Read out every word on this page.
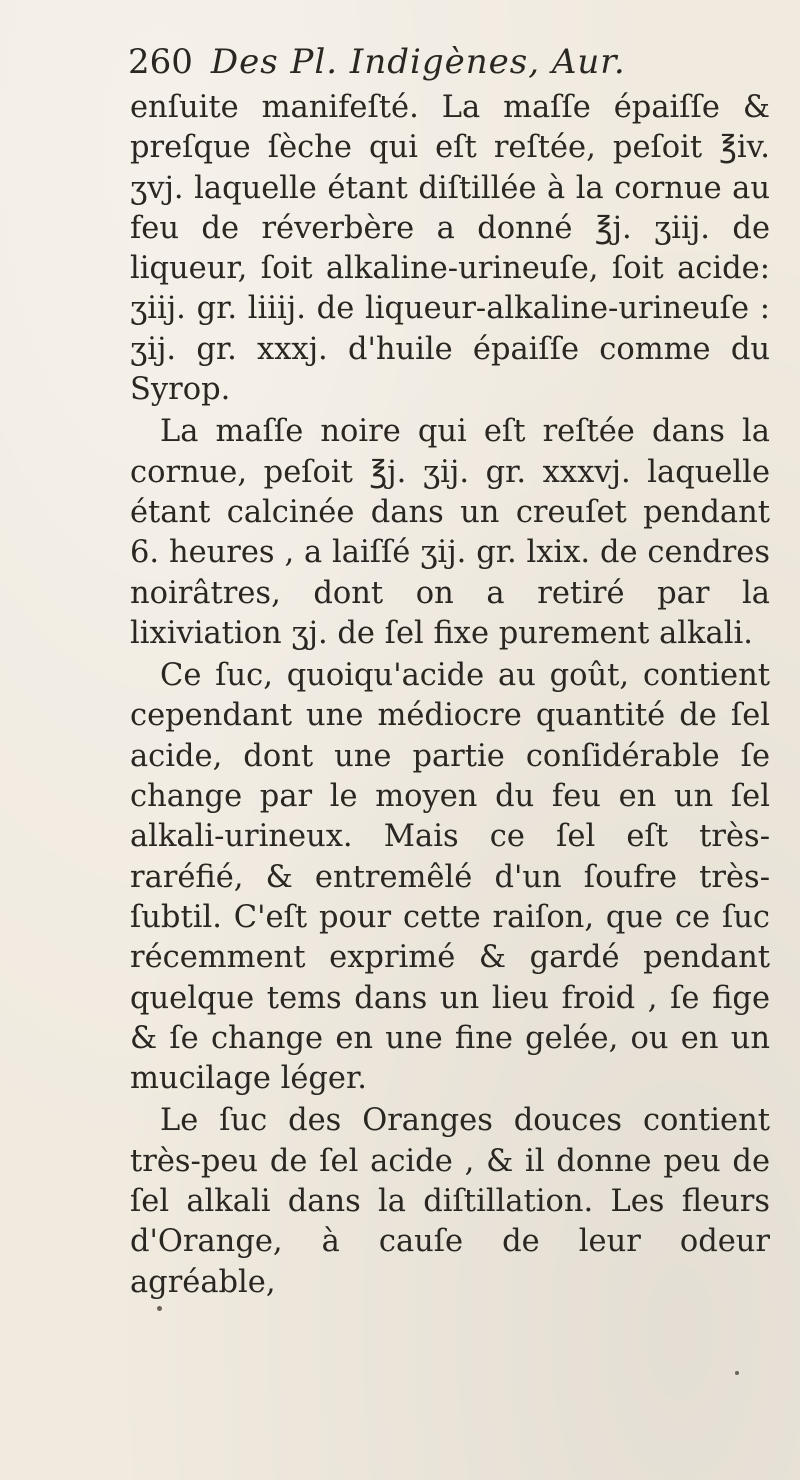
260 Des Pl. Indigènes, Aur.

enſuite manifeſté. La maſſe épaiſſe & preſque ſèche qui eſt reſtée, peſoit ℥iv. ʒvj. laquelle étant diſtillée à la cornue au feu de réverbère a donné ℥j. ʒiij. de liqueur, ſoit alkaline-urineuſe, ſoit acide: ʒiij. gr. liiij. de liqueur-alkaline-urineuſe : ʒij. gr. xxxj. d'huile épaiſſe comme du Syrop.

La maſſe noire qui eſt reſtée dans la cornue, peſoit ℥j. ʒij. gr. xxxvj. laquelle étant calcinée dans un creuſet pendant 6. heures , a laiſſé ʒij. gr. lxix. de cendres noirâtres, dont on a retiré par la lixiviation ʒj. de ſel fixe purement alkali.

Ce ſuc, quoiqu'acide au goût, contient cependant une médiocre quantité de ſel acide, dont une partie conſidérable ſe change par le moyen du feu en un ſel alkali-urineux. Mais ce ſel eſt très-raréfié, & entremêlé d'un ſoufre très-ſubtil. C'eſt pour cette raiſon, que ce ſuc récemment exprimé & gardé pendant quelque tems dans un lieu froid , ſe fige & ſe change en une fine gelée, ou en un mucilage léger.

Le ſuc des Oranges douces contient très-peu de ſel acide , & il donne peu de ſel alkali dans la diſtillation. Les fleurs d'Orange, à cauſe de leur odeur agréable,
